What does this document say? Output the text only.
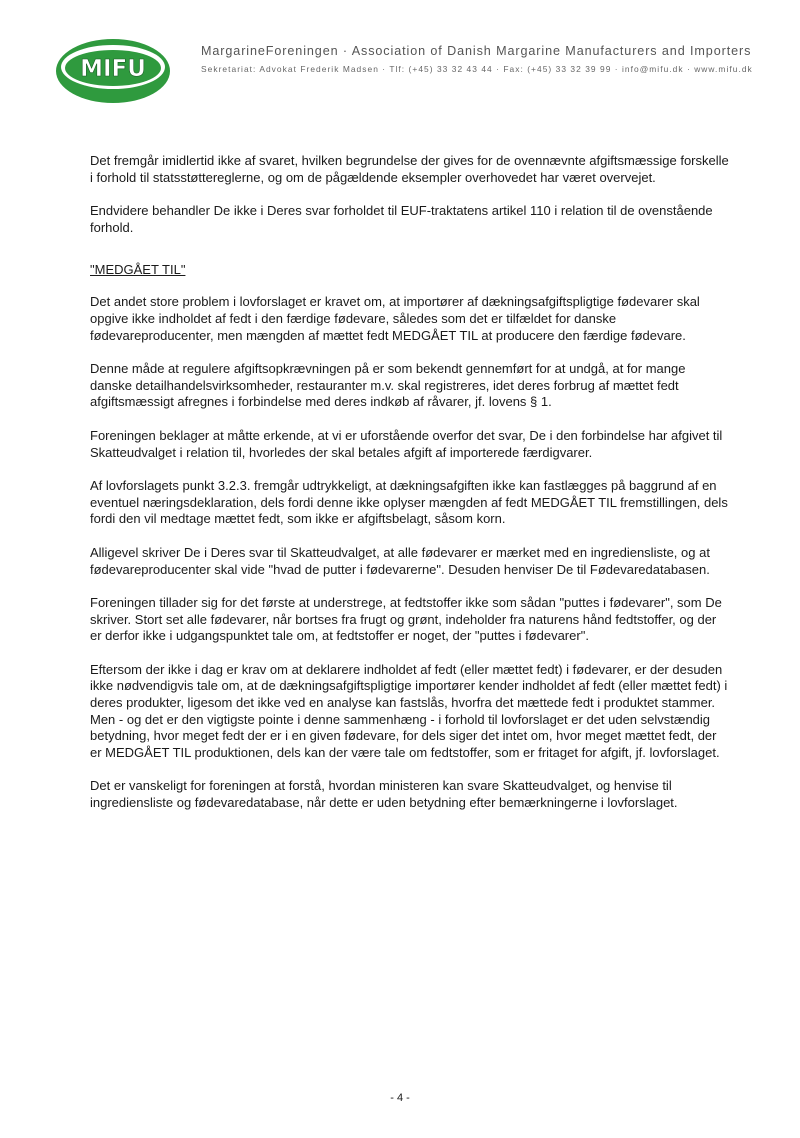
MIFU
MargarineForeningen · Association of Danish Margarine Manufacturers and Importers
Sekretariat: Advokat Frederik Madsen · Tlf: (+45) 33 32 43 44 · Fax: (+45) 33 32 39 99 · info@mifu.dk · www.mifu.dk

Det fremgår imidlertid ikke af svaret, hvilken begrundelse der gives for de ovennævnte afgiftsmæssige forskelle i forhold til statsstøttereglerne, og om de pågældende eksempler overhovedet har været overvejet.

Endvidere behandler De ikke i Deres svar forholdet til EUF-traktatens artikel 110 i relation til de ovenstående forhold.

"MEDGÅET TIL"

Det andet store problem i lovforslaget er kravet om, at importører af dækningsafgiftspligtige fødevarer skal opgive ikke indholdet af fedt i den færdige fødevare, således som det er tilfældet for danske fødevareproducenter, men mængden af mættet fedt MEDGÅET TIL at producere den færdige fødevare.

Denne måde at regulere afgiftsopkrævningen på er som bekendt gennemført for at undgå, at for mange danske detailhandelsvirksomheder, restauranter m.v. skal registreres, idet deres forbrug af mættet fedt afgiftsmæssigt afregnes i forbindelse med deres indkøb af råvarer, jf. lovens § 1.

Foreningen beklager at måtte erkende, at vi er uforstående overfor det svar, De i den forbindelse har afgivet til Skatteudvalget i relation til, hvorledes der skal betales afgift af importerede færdigvarer.

Af lovforslagets punkt 3.2.3. fremgår udtrykkeligt, at dækningsafgiften ikke kan fastlægges på baggrund af en eventuel næringsdeklaration, dels fordi denne ikke oplyser mængden af fedt MEDGÅET TIL fremstillingen, dels fordi den vil medtage mættet fedt, som ikke er afgiftsbelagt, såsom korn.

Alligevel skriver De i Deres svar til Skatteudvalget, at alle fødevarer er mærket med en ingrediensliste, og at fødevareproducenter skal vide "hvad de putter i fødevarerne". Desuden henviser De til Fødevaredatabasen.

Foreningen tillader sig for det første at understrege, at fedtstoffer ikke som sådan "puttes i fødevarer", som De skriver. Stort set alle fødevarer, når bortses fra frugt og grønt, indeholder fra naturens hånd fedtstoffer, og der er derfor ikke i udgangspunktet tale om, at fedtstoffer er noget, der "puttes i fødevarer".

Eftersom der ikke i dag er krav om at deklarere indholdet af fedt (eller mættet fedt) i fødevarer, er der desuden ikke nødvendigvis tale om, at de dækningsafgiftspligtige importører kender indholdet af fedt (eller mættet fedt) i deres produkter, ligesom det ikke ved en analyse kan fastslås, hvorfra det mættede fedt i produktet stammer.

Men - og det er den vigtigste pointe i denne sammenhæng - i forhold til lovforslaget er det uden selvstændig betydning, hvor meget fedt der er i en given fødevare, for dels siger det intet om, hvor meget mættet fedt, der er MEDGÅET TIL produktionen, dels kan der være tale om fedtstoffer, som er fritaget for afgift, jf. lovforslaget.

Det er vanskeligt for foreningen at forstå, hvordan ministeren kan svare Skatteudvalget, og henvise til ingrediensliste og fødevaredatabase, når dette er uden betydning efter bemærkningerne i lovforslaget.

- 4 -
